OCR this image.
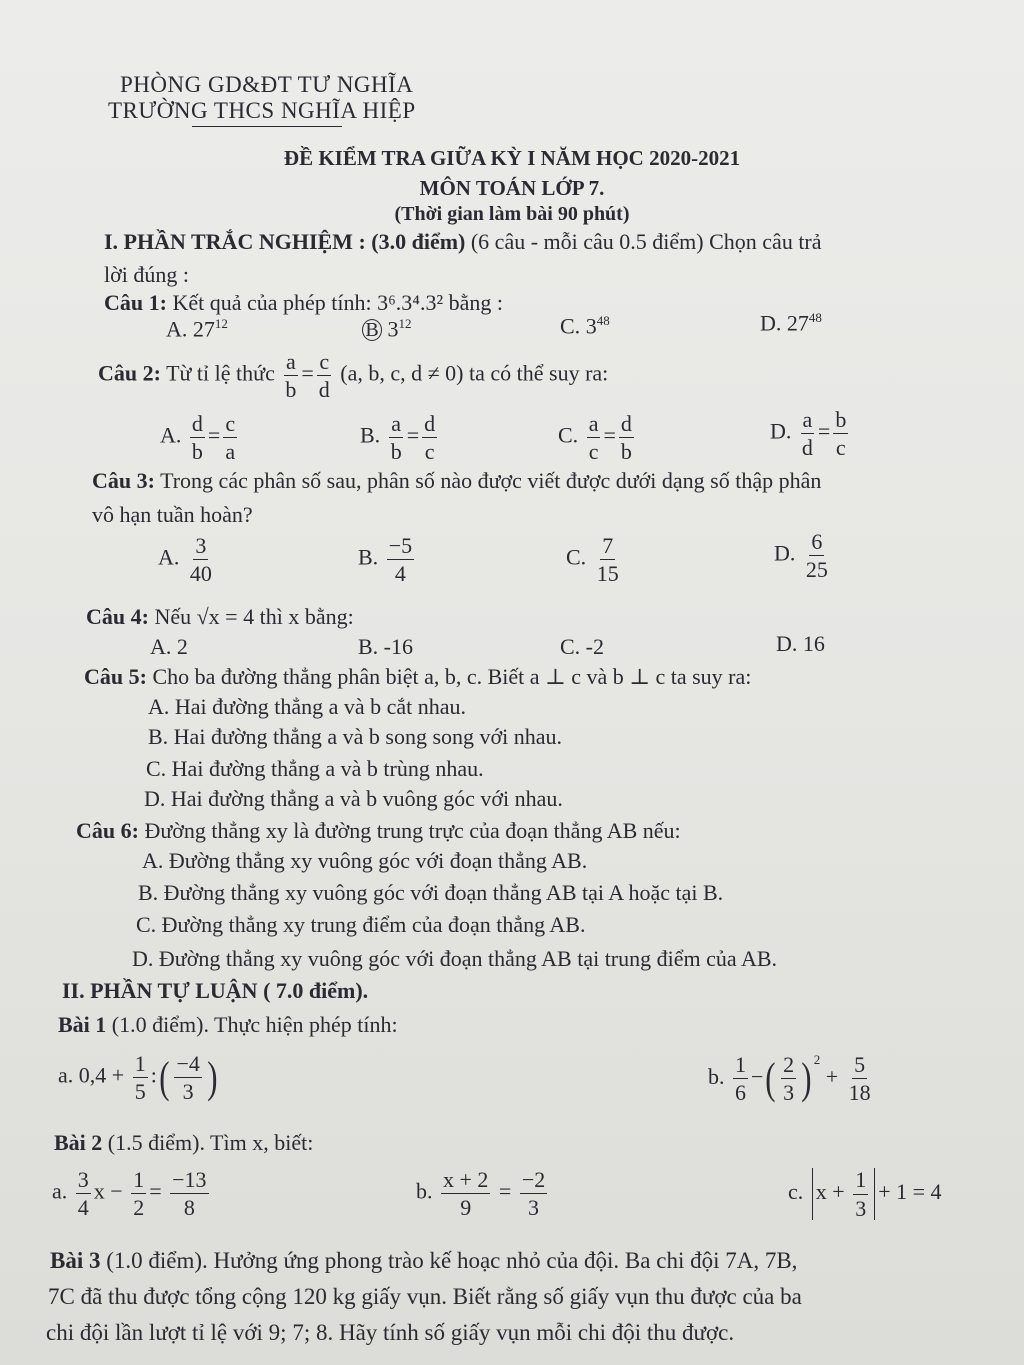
PHÒNG GD&ĐT TƯ NGHĨA
TRƯỜNG THCS NGHĨA HIỆP
ĐỀ KIỂM TRA GIỮA KỲ I NĂM HỌC 2020-2021
MÔN TOÁN LỚP 7.
(Thời gian làm bài 90 phút)
I. PHẦN TRẮC NGHIỆM : (3.0 điểm) (6 câu - mỗi câu 0.5 điểm) Chọn câu trả
lời đúng :
Câu 1: Kết quả của phép tính: 3⁶.3⁴.3² bằng :
A. $27^{12}$	B $3^{12}$	C. $3^{48}$	D. $27^{48}$
Câu 2: Từ tỉ lệ thức $\frac{a}{b} = \frac{c}{d} (a$, b, c, d ≠ 0) ta có thể suy ra:
A. $\frac{d}{b} = \frac{c}{a}$	B. $\frac{a}{b} = \frac{d}{c}$	C. $\frac{a}{c} = \frac{d}{b}$	D. $\frac{a}{d} = \frac{b}{c}$
Câu 3: Trong các phân số sau, phân số nào được viết được dưới dạng số thập phân
vô hạn tuần hoàn?
A. $\frac{3}{40}$	B. $\frac{-5}{4}$	C. $\frac{7}{15}$	D. $\frac{6}{25}$
Câu 4: Nếu √x = 4 thì x bằng:
A. 2	B. -16	C. -2	D. 16
Câu 5: Cho ba đường thẳng phân biệt a, b, c. Biết a ⊥ c và b ⊥ c ta suy ra:
A. Hai đường thẳng a và b cắt nhau.
B. Hai đường thẳng a và b song song với nhau.
C. Hai đường thẳng a và b trùng nhau.
D. Hai đường thẳng a và b vuông góc với nhau.
Câu 6: Đường thẳng xy là đường trung trực của đoạn thẳng AB nếu:
A. Đường thẳng xy vuông góc với đoạn thẳng AB.
B. Đường thẳng xy vuông góc với đoạn thẳng AB tại A hoặc tại B.
C. Đường thẳng xy trung điểm của đoạn thẳng AB.
D. Đường thẳng xy vuông góc với đoạn thẳng AB tại trung điểm của AB.
II. PHẦN TỰ LUẬN ( 7.0 điểm).
Bài 1 (1.0 điểm). Thực hiện phép tính:
a. $0,4 + \frac{1}{5}$ :( $\frac{-4}{3}$ )	b. $\frac{1}{6}$ −( $\frac{2}{3}$ ) $^2 + \frac{5}{18}$
Bài 2 (1.5 điểm). Tìm x, biết:
a. $\frac{3}{4}$ $x - \frac{1}{2} = \frac{-13}{8}$	b. $\frac{x + 2}{9} = \frac{-2}{3}$	c. $x + \frac{1}{3} + 1 = 4$
Bài 3 (1.0 điểm). Hưởng ứng phong trào kế hoạc nhỏ của đội. Ba chi đội 7A, 7B,
7C đã thu được tổng cộng 120 kg giấy vụn. Biết rằng số giấy vụn thu được của ba
chi đội lần lượt tỉ lệ với 9; 7; 8. Hãy tính số giấy vụn mỗi chi đội thu được.
